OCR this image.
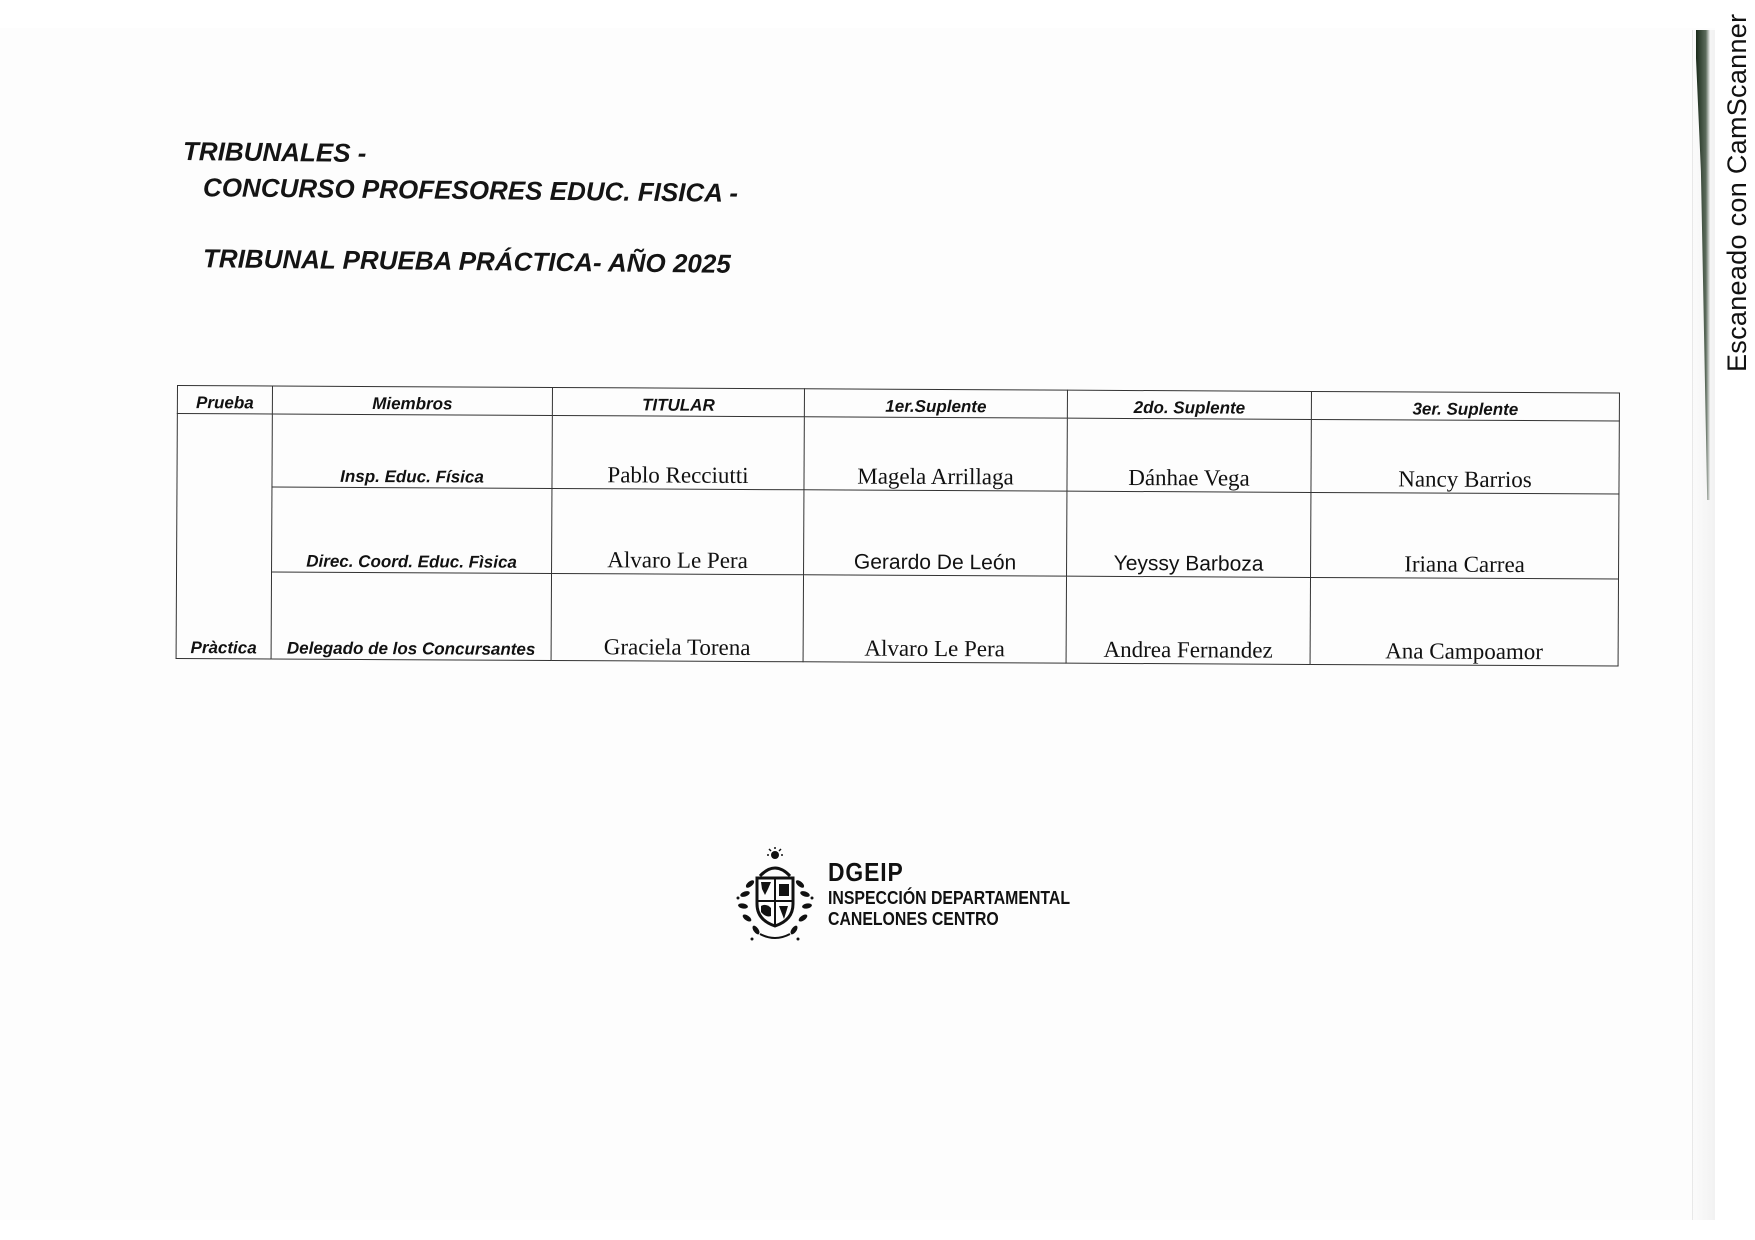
Escaneado con CamScanner
TRIBUNALES -
CONCURSO PROFESORES EDUC. FISICA -
TRIBUNAL PRUEBA PRÁCTICA- AÑO 2025
Prueba	Miembros	TITULAR	1er.Suplente	2do. Suplente	3er. Suplente
Pràctica	Insp. Educ. Física	Pablo Recciutti	Magela Arrillaga	Dánhae Vega	Nancy Barrios
	Direc. Coord. Educ. Fìsica	Alvaro Le Pera	Gerardo De León	Yeyssy Barboza	Iriana Carrea
	Delegado de los Concursantes	Graciela Torena	Alvaro Le Pera	Andrea Fernandez	Ana Campoamor
DGEIP
INSPECCIÓN DEPARTAMENTAL
CANELONES CENTRO
